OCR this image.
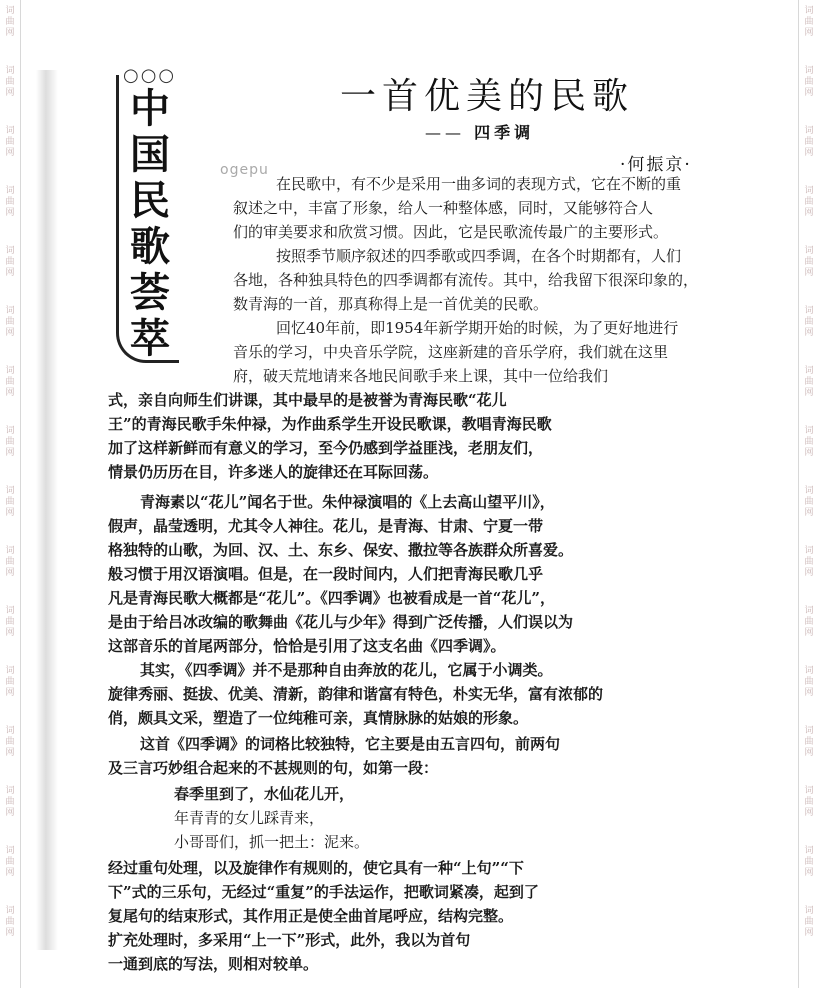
词
曲
网
词
曲
网
词
曲
网
词
曲
网
词
曲
网
词
曲
网
词
曲
网
词
曲
网
词
曲
网
词
曲
网
词
曲
网
词
曲
网
词
曲
网
词
曲
网
词
曲
网
词
曲
网
词
曲
网
词
曲
网
词
曲
网
词
曲
网
词
曲
网
词
曲
网
词
曲
网
词
曲
网
词
曲
网
词
曲
网
词
曲
网
词
曲
网
词
曲
网
词
曲
网
词
曲
网
词
曲
网
○○○
中
国
民
歌
荟
萃
一首优美的民歌
—— 四季调
·何振京·
ogepu
在民歌中，有不少是采用一曲多词的表现方式，它在不断的重
叙述之中，丰富了形象，给人一种整体感，同时，又能够符合人
们的审美要求和欣赏习惯。因此，它是民歌流传最广的主要形式。
按照季节顺序叙述的四季歌或四季调，在各个时期都有，人们
各地，各种独具特色的四季调都有流传。其中，给我留下很深印象的，
数青海的一首，那真称得上是一首优美的民歌。
回忆40年前，即1954年新学期开始的时候，为了更好地进行
音乐的学习，中央音乐学院，这座新建的音乐学府，我们就在这里
府，破天荒地请来各地民间歌手来上课，其中一位给我们
式，亲自向师生们讲课，其中最早的是被誉为青海民歌“花儿
王”的青海民歌手朱仲禄，为作曲系学生开设民歌课，教唱青海民歌
加了这样新鲜而有意义的学习，至今仍感到学益匪浅，老朋友们，
情景仍历历在目，许多迷人的旋律还在耳际回荡。
青海素以“花儿”闻名于世。朱仲禄演唱的《上去高山望平川》，
假声，晶莹透明，尤其令人神往。花儿，是青海、甘肃、宁夏一带
格独特的山歌，为回、汉、土、东乡、保安、撒拉等各族群众所喜爱。
般习惯于用汉语演唱。但是，在一段时间内，人们把青海民歌几乎
凡是青海民歌大概都是“花儿”。《四季调》也被看成是一首“花儿”，
是由于给吕冰改编的歌舞曲《花儿与少年》得到广泛传播，人们误以为
这部音乐的首尾两部分，恰恰是引用了这支名曲《四季调》。
其实，《四季调》并不是那种自由奔放的花儿，它属于小调类。
旋律秀丽、挺拔、优美、清新，韵律和谐富有特色，朴实无华，富有浓郁的
俏，颇具文采，塑造了一位纯稚可亲，真情脉脉的姑娘的形象。
这首《四季调》的词格比较独特，它主要是由五言四句，前两句
及三言巧妙组合起来的不甚规则的句，如第一段：
春季里到了，水仙花儿开，
年青青的女儿踩青来，
小哥哥们，抓一把土：泥来。
经过重句处理，以及旋律作有规则的，使它具有一种“上句”“下
下”式的三乐句，无经过“重复”的手法运作，把歌词紧凑，起到了
复尾句的结束形式，其作用正是使全曲首尾呼应，结构完整。
扩充处理时，多采用“上一下”形式，此外，我以为首句
一通到底的写法，则相对较单。
